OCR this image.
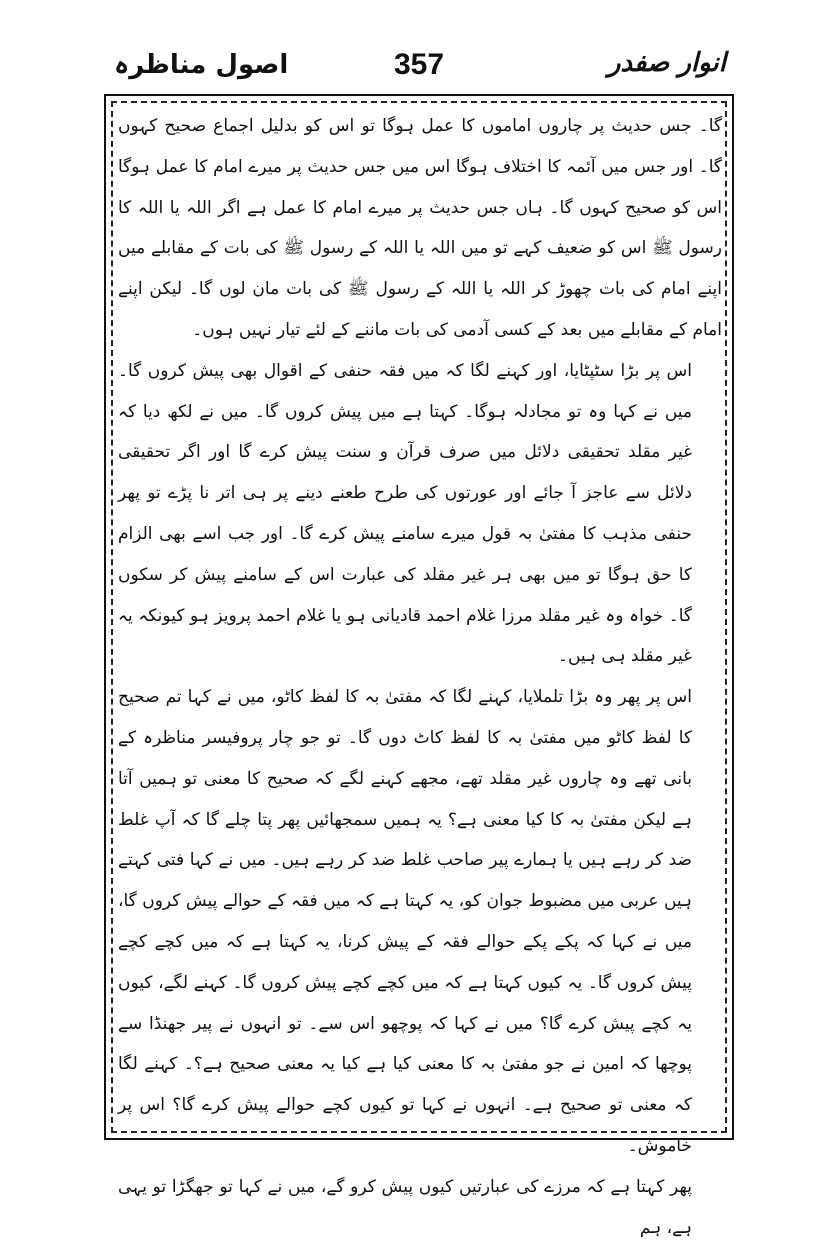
اصول مناظرہ	357	انوار صفدر

گا۔ جس حدیث پر چاروں اماموں کا عمل ہوگا تو اس کو بدلیل اجماع صحیح کہوں گا۔ اور جس میں آئمہ کا اختلاف ہوگا اس میں جس حدیث پر میرے امام کا عمل ہوگا اس کو صحیح کہوں گا۔ ہاں جس حدیث پر میرے امام کا عمل ہے اگر اللہ یا اللہ کا رسول ﷺ اس کو ضعیف کہے تو میں اللہ یا اللہ کے رسول ﷺ کی بات کے مقابلے میں اپنے امام کی بات چھوڑ کر اللہ یا اللہ کے رسول ﷺ کی بات مان لوں گا۔ لیکن اپنے امام کے مقابلے میں بعد کے کسی آدمی کی بات ماننے کے لئے تیار نہیں ہوں۔

اس پر بڑا سٹپٹایا، اور کہنے لگا کہ میں فقہ حنفی کے اقوال بھی پیش کروں گا۔ میں نے کہا وہ تو مجادلہ ہوگا۔ کہتا ہے میں پیش کروں گا۔ میں نے لکھ دیا کہ غیر مقلد تحقیقی دلائل میں صرف قرآن و سنت پیش کرے گا اور اگر تحقیقی دلائل سے عاجز آ جائے اور عورتوں کی طرح طعنے دینے پر ہی اتر نا پڑے تو پھر حنفی مذہب کا مفتیٰ بہ قول میرے سامنے پیش کرے گا۔ اور جب اسے بھی الزام کا حق ہوگا تو میں بھی ہر غیر مقلد کی عبارت اس کے سامنے پیش کر سکوں گا۔ خواہ وہ غیر مقلد مرزا غلام احمد قادیانی ہو یا غلام احمد پرویز ہو کیونکہ یہ غیر مقلد ہی ہیں۔

اس پر پھر وہ بڑا تلملایا، کہنے لگا کہ مفتیٰ بہ کا لفظ کاٹو، میں نے کہا تم صحیح کا لفظ کاٹو میں مفتیٰ بہ کا لفظ کاٹ دوں گا۔ تو جو چار پروفیسر مناظرہ کے بانی تھے وہ چاروں غیر مقلد تھے، مجھے کہنے لگے کہ صحیح کا معنی تو ہمیں آتا ہے لیکن مفتیٰ بہ کا کیا معنی ہے؟ یہ ہمیں سمجھائیں پھر پتا چلے گا کہ آپ غلط ضد کر رہے ہیں یا ہمارے پیر صاحب غلط ضد کر رہے ہیں۔ میں نے کہا فتی کہتے ہیں عربی میں مضبوط جوان کو، یہ کہتا ہے کہ میں فقہ کے حوالے پیش کروں گا، میں نے کہا کہ پکے پکے حوالے فقہ کے پیش کرنا، یہ کہتا ہے کہ میں کچے کچے پیش کروں گا۔ یہ کیوں کہتا ہے کہ میں کچے کچے پیش کروں گا۔ کہنے لگے، کیوں یہ کچے پیش کرے گا؟ میں نے کہا کہ پوچھو اس سے۔ تو انہوں نے پیر جھنڈا سے پوچھا کہ امین نے جو مفتیٰ بہ کا معنی کیا ہے کیا یہ معنی صحیح ہے؟۔ کہنے لگا کہ معنی تو صحیح ہے۔ انہوں نے کہا تو کیوں کچے حوالے پیش کرے گا؟ اس پر خاموش۔

پھر کہتا ہے کہ مرزے کی عبارتیں کیوں پیش کرو گے، میں نے کہا تو جھگڑا تو یہی ہے، ہم
